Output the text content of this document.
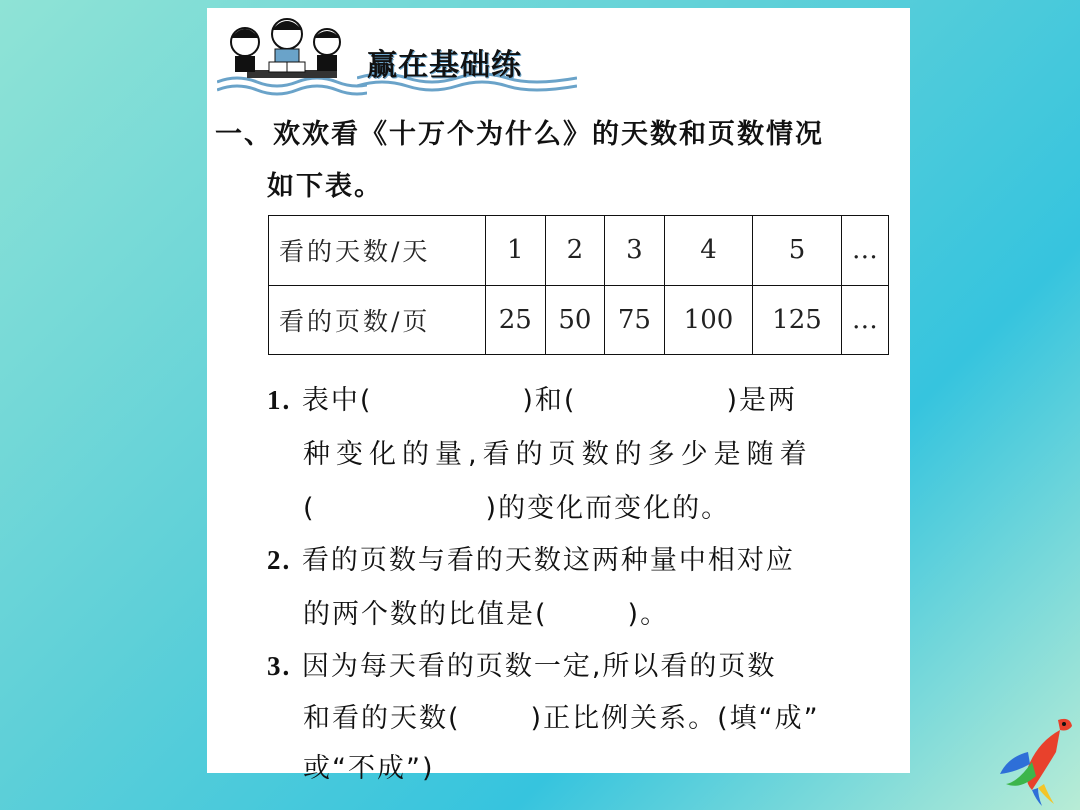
赢在基础练
一、欢欢看《十万个为什么》的天数和页数情况
如下表。
看的天数/天	1	2	3	4	5	…
看的页数/页	25	50	75	100	125	…
1. 表中(	)和(	)是两
种变化的量,看的页数的多少是随着
(	)的变化而变化的。
2. 看的页数与看的天数这两种量中相对应
的两个数的比值是(	)。
3. 因为每天看的页数一定,所以看的页数
和看的天数(	)正比例关系。(填“成”
或“不成”)
